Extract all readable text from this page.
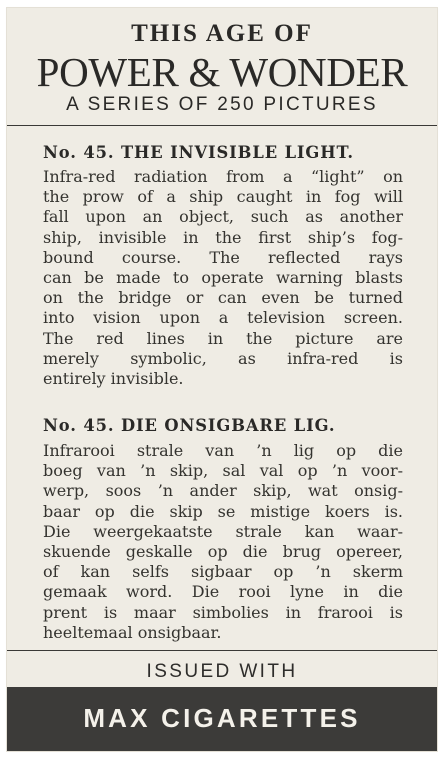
THIS AGE OF
POWER & WONDER
A SERIES OF 250 PICTURES
No. 45. THE INVISIBLE LIGHT.
Infra-red radiation from a “light” on
the prow of a ship caught in fog will
fall upon an object, such as another
ship, invisible in the first ship’s fog-
bound course. The reflected rays
can be made to operate warning blasts
on the bridge or can even be turned
into vision upon a television screen.
The red lines in the picture are
merely symbolic, as infra-red is
entirely invisible.
No. 45. DIE ONSIGBARE LIG.
Infrarooi strale van ’n lig op die
boeg van ’n skip, sal val op ’n voor-
werp, soos ’n ander skip, wat onsig-
baar op die skip se mistige koers is.
Die weergekaatste strale kan waar-
skuende geskalle op die brug opereer,
of kan selfs sigbaar op ’n skerm
gemaak word. Die rooi lyne in die
prent is maar simbolies in frarooi is
heeltemaal onsigbaar.
ISSUED WITH
MAX CIGARETTES
